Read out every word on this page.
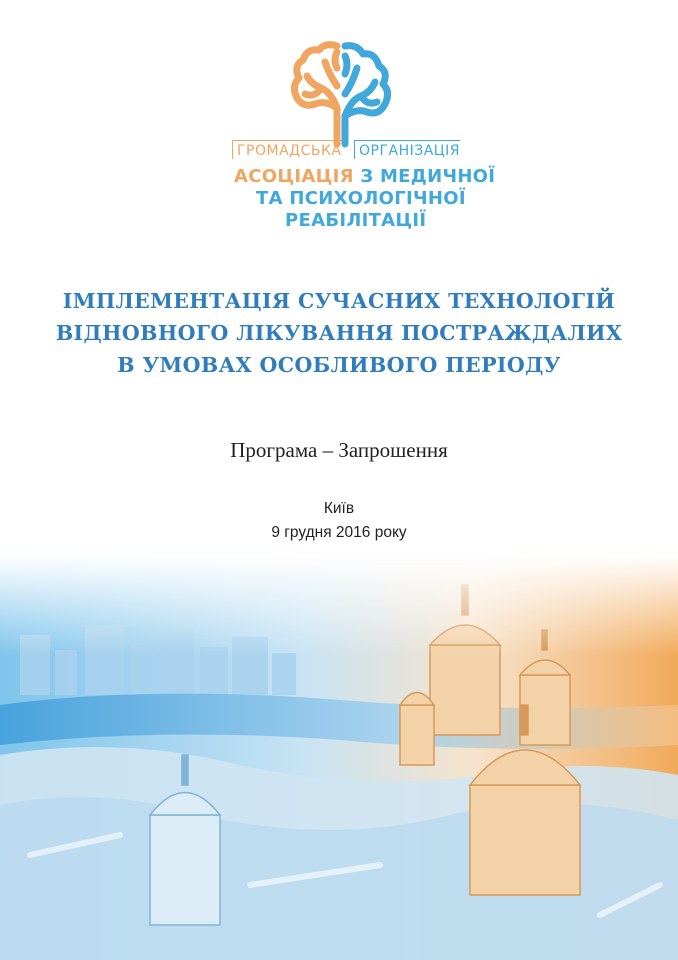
ГРОМАДСЬКА	ОРГАНІЗАЦІЯ
АСОЦІАЦІЯ З МЕДИЧНОЇ
ТА ПСИХОЛОГІЧНОЇ
РЕАБІЛІТАЦІЇ
ІМПЛЕМЕНТАЦІЯ СУЧАСНИХ ТЕХНОЛОГІЙ
ВІДНОВНОГО ЛІКУВАННЯ ПОСТРАЖДАЛИХ
В УМОВАХ ОСОБЛИВОГО ПЕРІОДУ
Програма – Запрошення
Київ
9 грудня 2016 року
